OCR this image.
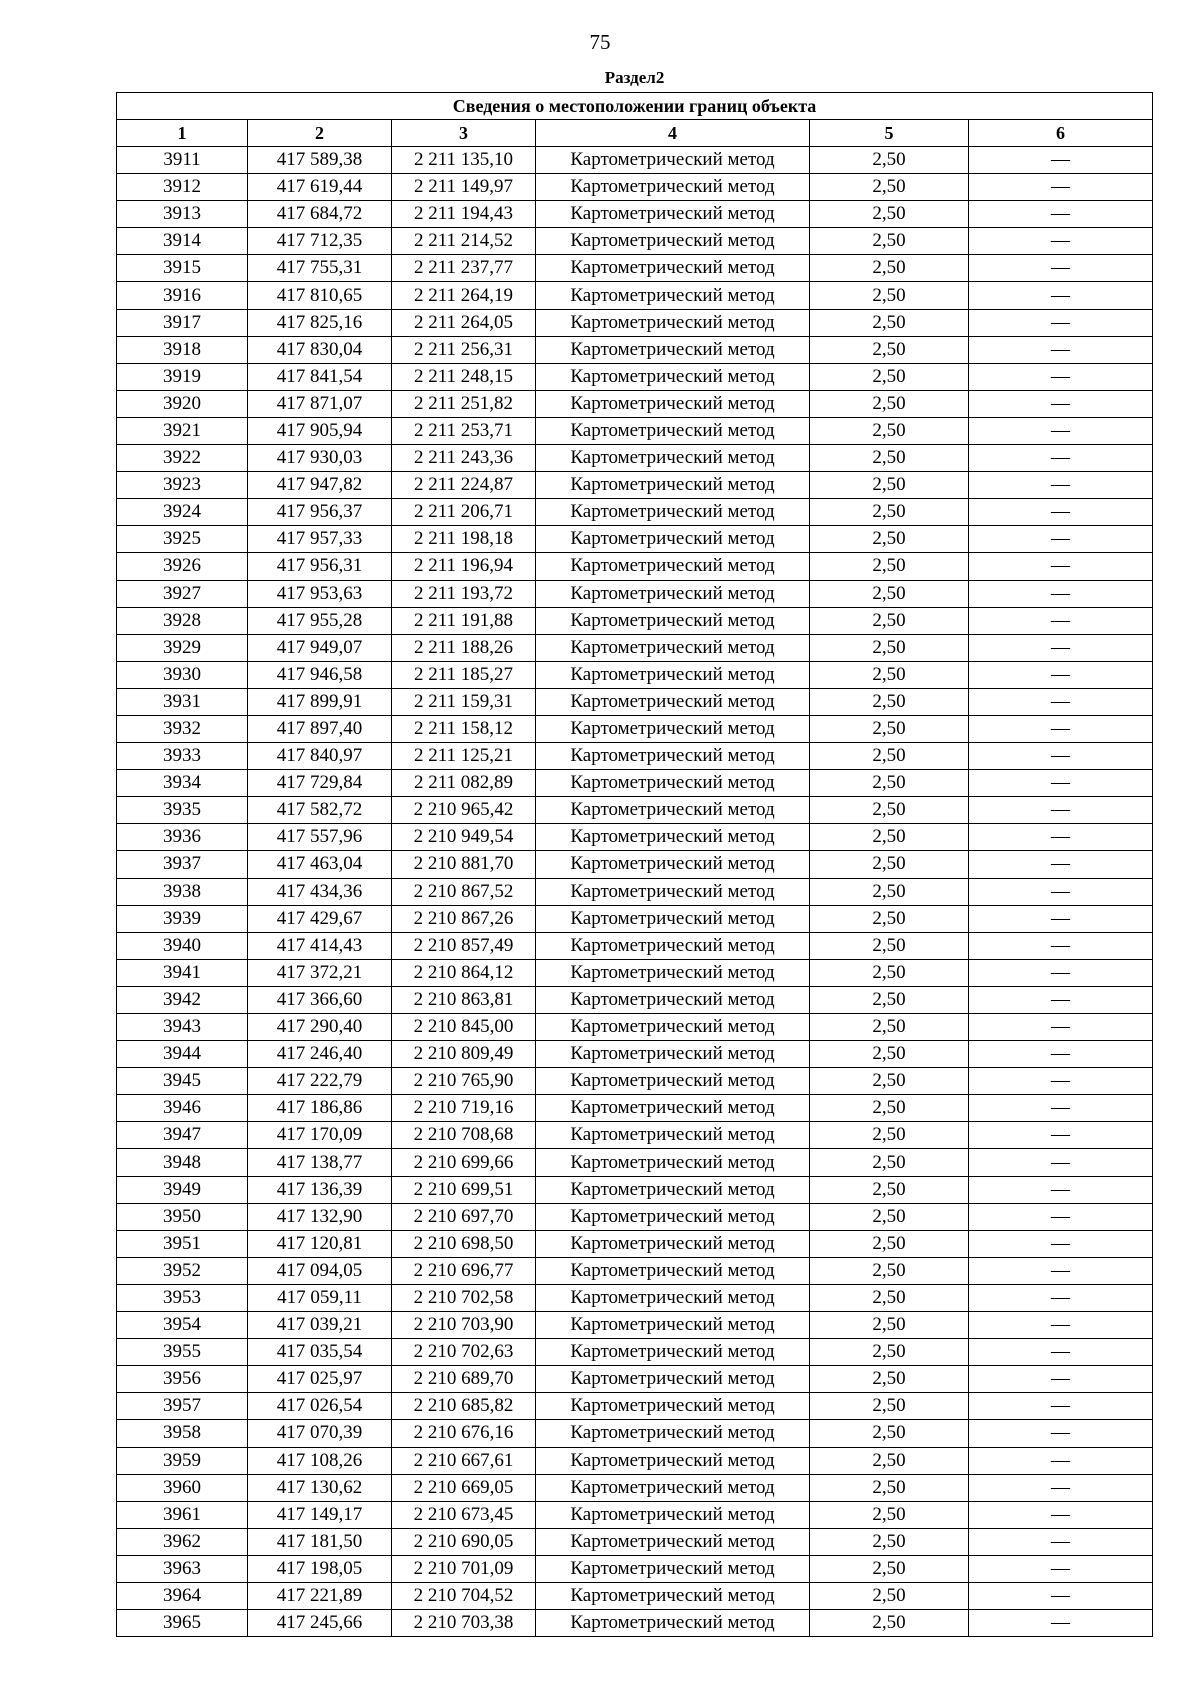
75
Раздел2					
Сведения о местоположении границ объекта					
1	2	3	4	5	6
3911	417 589,38	2 211 135,10	Картометрический метод	2,50	—
3912	417 619,44	2 211 149,97	Картометрический метод	2,50	—
3913	417 684,72	2 211 194,43	Картометрический метод	2,50	—
3914	417 712,35	2 211 214,52	Картометрический метод	2,50	—
3915	417 755,31	2 211 237,77	Картометрический метод	2,50	—
3916	417 810,65	2 211 264,19	Картометрический метод	2,50	—
3917	417 825,16	2 211 264,05	Картометрический метод	2,50	—
3918	417 830,04	2 211 256,31	Картометрический метод	2,50	—
3919	417 841,54	2 211 248,15	Картометрический метод	2,50	—
3920	417 871,07	2 211 251,82	Картометрический метод	2,50	—
3921	417 905,94	2 211 253,71	Картометрический метод	2,50	—
3922	417 930,03	2 211 243,36	Картометрический метод	2,50	—
3923	417 947,82	2 211 224,87	Картометрический метод	2,50	—
3924	417 956,37	2 211 206,71	Картометрический метод	2,50	—
3925	417 957,33	2 211 198,18	Картометрический метод	2,50	—
3926	417 956,31	2 211 196,94	Картометрический метод	2,50	—
3927	417 953,63	2 211 193,72	Картометрический метод	2,50	—
3928	417 955,28	2 211 191,88	Картометрический метод	2,50	—
3929	417 949,07	2 211 188,26	Картометрический метод	2,50	—
3930	417 946,58	2 211 185,27	Картометрический метод	2,50	—
3931	417 899,91	2 211 159,31	Картометрический метод	2,50	—
3932	417 897,40	2 211 158,12	Картометрический метод	2,50	—
3933	417 840,97	2 211 125,21	Картометрический метод	2,50	—
3934	417 729,84	2 211 082,89	Картометрический метод	2,50	—
3935	417 582,72	2 210 965,42	Картометрический метод	2,50	—
3936	417 557,96	2 210 949,54	Картометрический метод	2,50	—
3937	417 463,04	2 210 881,70	Картометрический метод	2,50	—
3938	417 434,36	2 210 867,52	Картометрический метод	2,50	—
3939	417 429,67	2 210 867,26	Картометрический метод	2,50	—
3940	417 414,43	2 210 857,49	Картометрический метод	2,50	—
3941	417 372,21	2 210 864,12	Картометрический метод	2,50	—
3942	417 366,60	2 210 863,81	Картометрический метод	2,50	—
3943	417 290,40	2 210 845,00	Картометрический метод	2,50	—
3944	417 246,40	2 210 809,49	Картометрический метод	2,50	—
3945	417 222,79	2 210 765,90	Картометрический метод	2,50	—
3946	417 186,86	2 210 719,16	Картометрический метод	2,50	—
3947	417 170,09	2 210 708,68	Картометрический метод	2,50	—
3948	417 138,77	2 210 699,66	Картометрический метод	2,50	—
3949	417 136,39	2 210 699,51	Картометрический метод	2,50	—
3950	417 132,90	2 210 697,70	Картометрический метод	2,50	—
3951	417 120,81	2 210 698,50	Картометрический метод	2,50	—
3952	417 094,05	2 210 696,77	Картометрический метод	2,50	—
3953	417 059,11	2 210 702,58	Картометрический метод	2,50	—
3954	417 039,21	2 210 703,90	Картометрический метод	2,50	—
3955	417 035,54	2 210 702,63	Картометрический метод	2,50	—
3956	417 025,97	2 210 689,70	Картометрический метод	2,50	—
3957	417 026,54	2 210 685,82	Картометрический метод	2,50	—
3958	417 070,39	2 210 676,16	Картометрический метод	2,50	—
3959	417 108,26	2 210 667,61	Картометрический метод	2,50	—
3960	417 130,62	2 210 669,05	Картометрический метод	2,50	—
3961	417 149,17	2 210 673,45	Картометрический метод	2,50	—
3962	417 181,50	2 210 690,05	Картометрический метод	2,50	—
3963	417 198,05	2 210 701,09	Картометрический метод	2,50	—
3964	417 221,89	2 210 704,52	Картометрический метод	2,50	—
3965	417 245,66	2 210 703,38	Картометрический метод	2,50	—
